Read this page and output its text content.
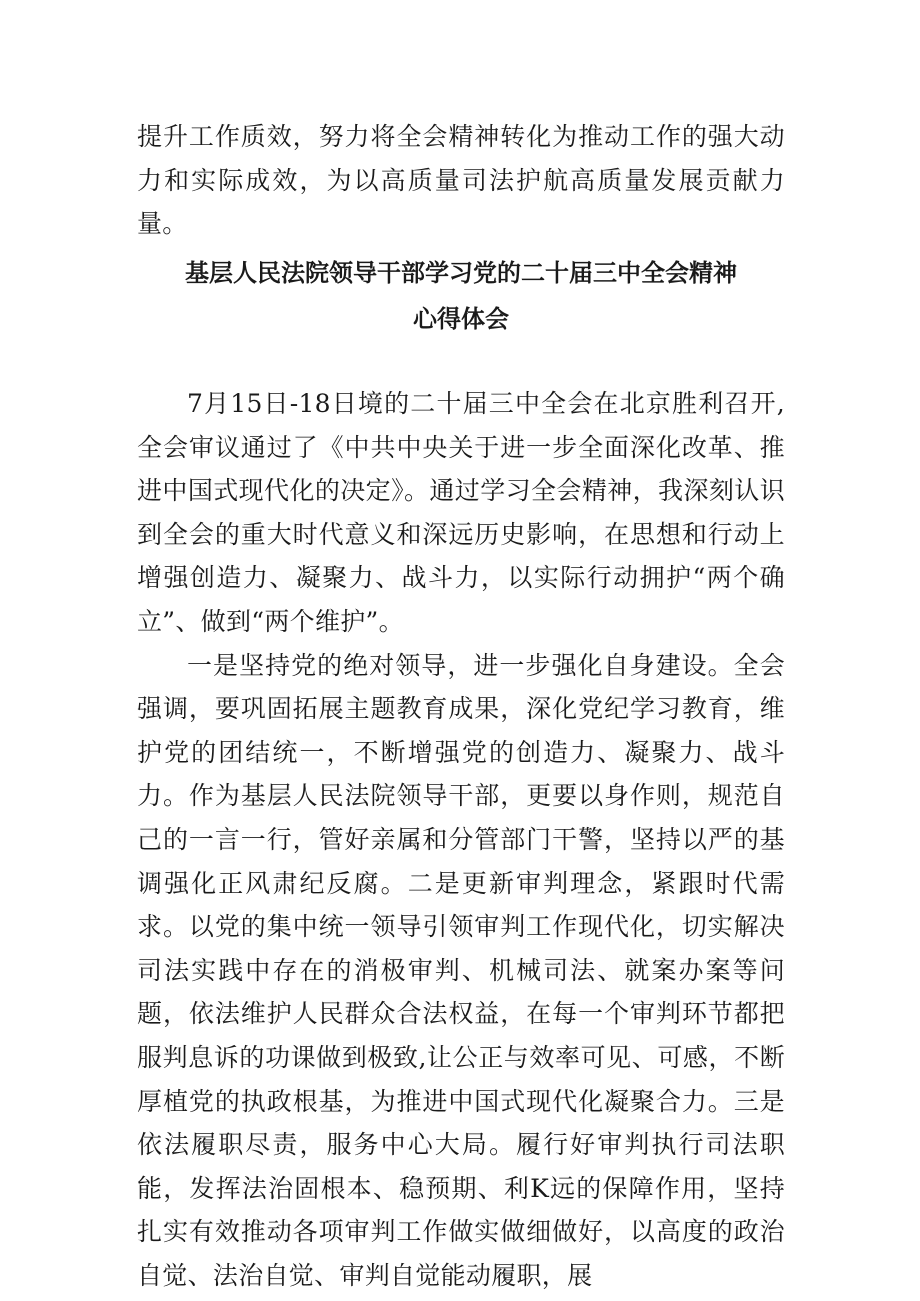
提升工作质效，努力将全会精神转化为推动工作的强大动力和实际成效，为以高质量司法护航高质量发展贡献力量。
基层人民法院领导干部学习党的二十届三中全会精神
心得体会

7月15日-18日境的二十届三中全会在北京胜利召开,全会审议通过了《中共中央关于进一步全面深化改革、推进中国式现代化的决定》。通过学习全会精神，我深刻认识到全会的重大时代意义和深远历史影响，在思想和行动上增强创造力、凝聚力、战斗力，以实际行动拥护“两个确立”、做到“两个维护”。

一是坚持党的绝对领导，进一步强化自身建设。全会强调，要巩固拓展主题教育成果，深化党纪学习教育，维护党的团结统一，不断增强党的创造力、凝聚力、战斗力。作为基层人民法院领导干部，更要以身作则，规范自己的一言一行，管好亲属和分管部门干警，坚持以严的基调强化正风肃纪反腐。二是更新审判理念，紧跟时代需求。以党的集中统一领导引领审判工作现代化，切实解决司法实践中存在的消极审判、机械司法、就案办案等问题，依法维护人民群众合法权益，在每一个审判环节都把服判息诉的功课做到极致,让公正与效率可见、可感，不断厚植党的执政根基，为推进中国式现代化凝聚合力。三是依法履职尽责，服务中心大局。履行好审判执行司法职能，发挥法治固根本、稳预期、利K远的保障作用，坚持扎实有效推动各项审判工作做实做细做好，以高度的政治自觉、法治自觉、审判自觉能动履职，展
